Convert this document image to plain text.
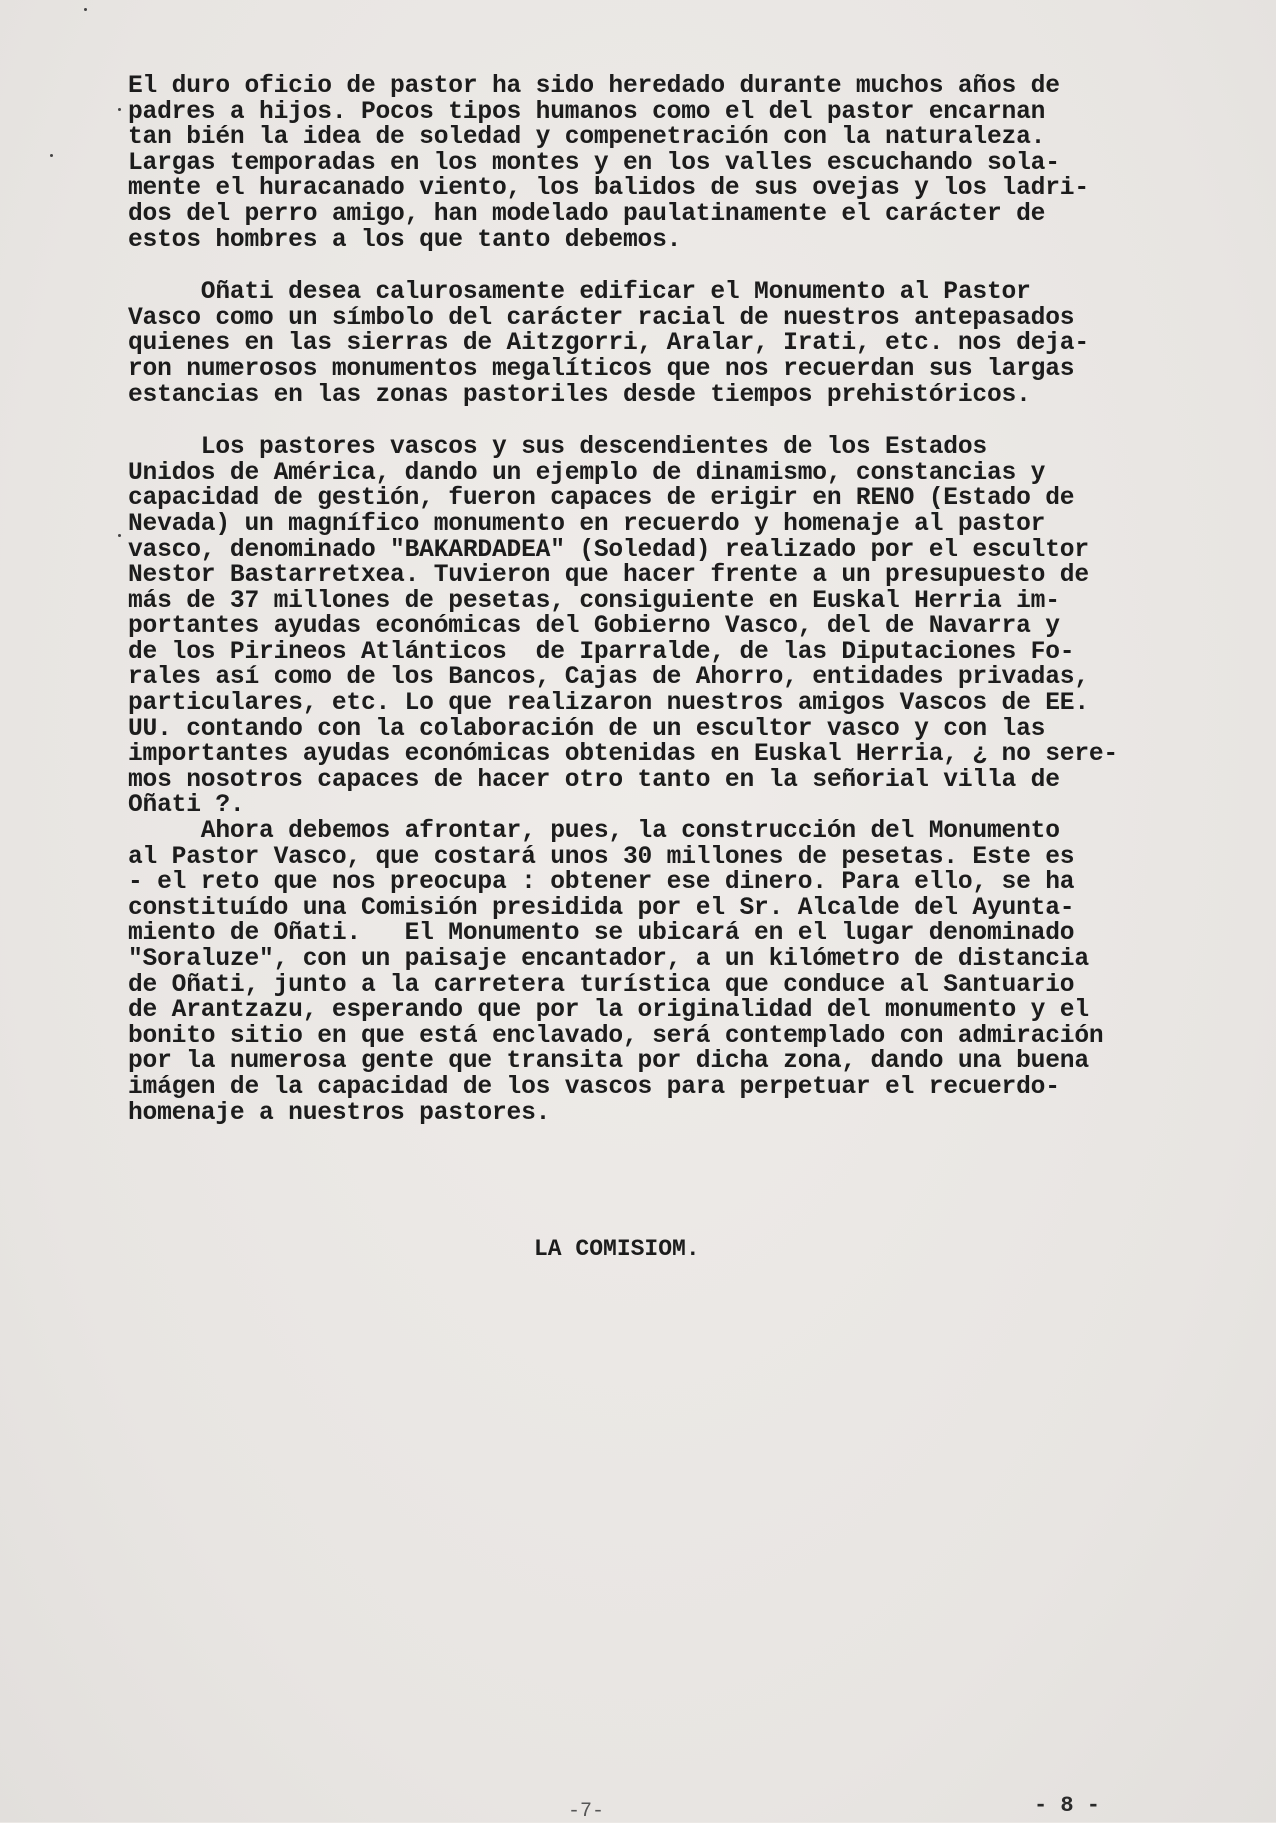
El duro oficio de pastor ha sido heredado durante muchos años de
padres a hijos. Pocos tipos humanos como el del pastor encarnan
tan bién la idea de soledad y compenetración con la naturaleza.
Largas temporadas en los montes y en los valles escuchando sola-
mente el huracanado viento, los balidos de sus ovejas y los ladri-
dos del perro amigo, han modelado paulatinamente el carácter de
estos hombres a los que tanto debemos.
Oñati desea calurosamente edificar el Monumento al Pastor
Vasco como un símbolo del carácter racial de nuestros antepasados
quienes en las sierras de Aitzgorri, Aralar, Irati, etc. nos deja-
ron numerosos monumentos megalíticos que nos recuerdan sus largas
estancias en las zonas pastoriles desde tiempos prehistóricos.
Los pastores vascos y sus descendientes de los Estados
Unidos de América, dando un ejemplo de dinamismo, constancias y
capacidad de gestión, fueron capaces de erigir en RENO (Estado de
Nevada) un magnífico monumento en recuerdo y homenaje al pastor
vasco, denominado "BAKARDADEA" (Soledad) realizado por el escultor
Nestor Bastarretxea. Tuvieron que hacer frente a un presupuesto de
más de 37 millones de pesetas, consiguiente en Euskal Herria im-
portantes ayudas económicas del Gobierno Vasco, del de Navarra y
de los Pirineos Atlánticos  de Iparralde, de las Diputaciones Fo-
rales así como de los Bancos, Cajas de Ahorro, entidades privadas,
particulares, etc. Lo que realizaron nuestros amigos Vascos de EE.
UU. contando con la colaboración de un escultor vasco y con las
importantes ayudas económicas obtenidas en Euskal Herria, ¿ no sere-
mos nosotros capaces de hacer otro tanto en la señorial villa de
Oñati ?.
Ahora debemos afrontar, pues, la construcción del Monumento
al Pastor Vasco, que costará unos 30 millones de pesetas. Este es
- el reto que nos preocupa : obtener ese dinero. Para ello, se ha
constituído una Comisión presidida por el Sr. Alcalde del Ayunta-
miento de Oñati.   El Monumento se ubicará en el lugar denominado
"Soraluze", con un paisaje encantador, a un kilómetro de distancia
de Oñati, junto a la carretera turística que conduce al Santuario
de Arantzazu, esperando que por la originalidad del monumento y el
bonito sitio en que está enclavado, será contemplado con admiración
por la numerosa gente que transita por dicha zona, dando una buena
imágen de la capacidad de los vascos para perpetuar el recuerdo-
homenaje a nuestros pastores.
LA COMISIOM.
-7-	- 8 -
